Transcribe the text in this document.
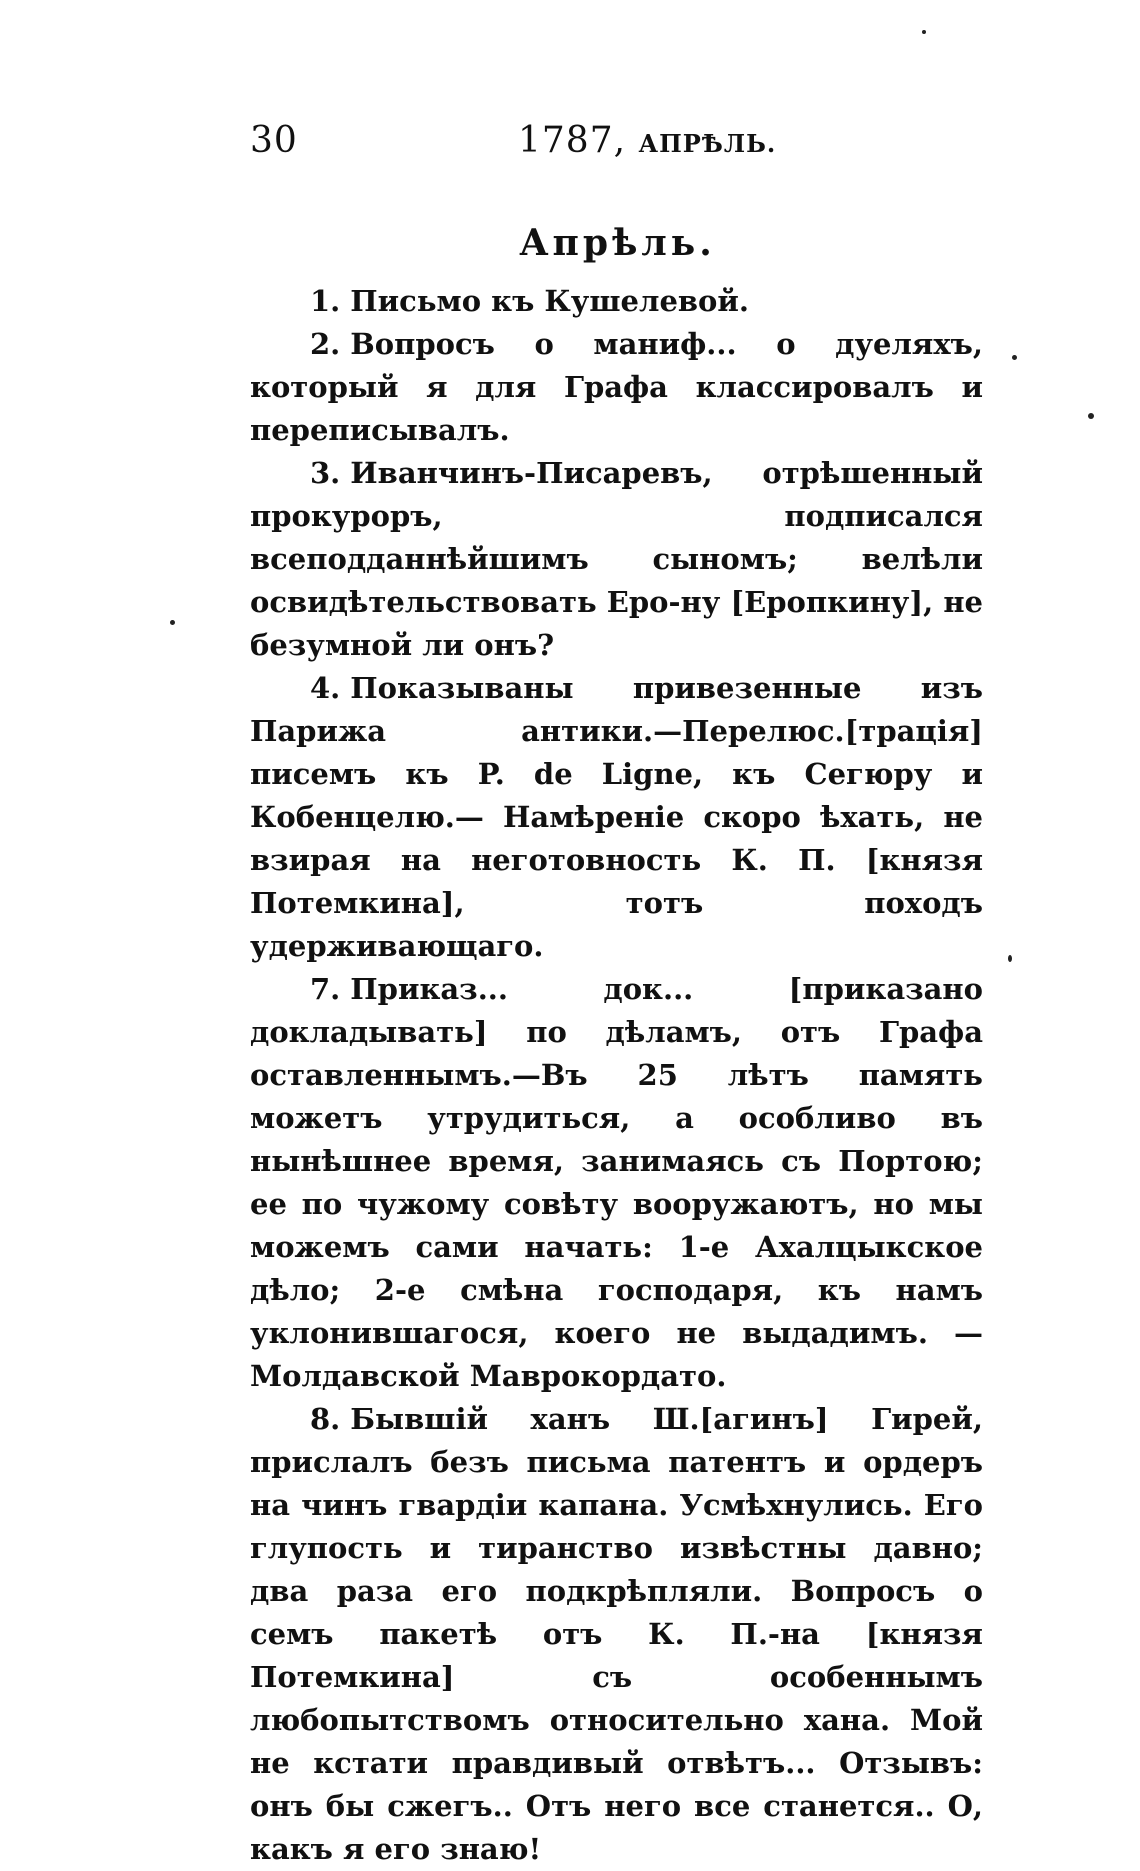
30	1787, АПРѢЛЬ.
Апрѣль.

1. Письмо къ Кушелевой.

2. Вопросъ о маниф... о дуеляхъ, который я для Графа классировалъ и переписывалъ.

3. Иванчинъ-Писаревъ, отрѣшенный прокуроръ, подписался всеподданнѣйшимъ сыномъ; велѣли освидѣтельствовать Еро-ну [Еропкину], не безумной ли онъ?

4. Показываны привезенные изъ Парижа антики.—Перелюс.[трація] писемъ къ P. de Ligne, къ Сегюру и Кобенцелю.— Намѣреніе скоро ѣхать, не взирая на неготовность К. П. [князя Потемкина], тотъ походъ удерживающаго.

7. Приказ... док... [приказано докладывать] по дѣламъ, отъ Графа оставленнымъ.—Въ 25 лѣтъ память можетъ утрудиться, а особливо въ нынѣшнее время, занимаясь съ Портою; ее по чужому совѣту вооружаютъ, но мы можемъ сами начать: 1-е Ахалцыкское дѣло; 2-е смѣна господаря, къ намъ уклонившагося, коего не выдадимъ. — Молдавской Маврокордато.

8. Бывшій ханъ Ш.[агинъ] Гирей, прислалъ безъ письма патентъ и ордеръ на чинъ гвардіи капана. Усмѣхнулись. Его глупость и тиранство извѣстны давно; два раза его подкрѣпляли. Вопросъ о семъ пакетѣ отъ К. П.-на [князя Потемкина] съ особеннымъ любопытствомъ относительно хана. Мой не кстати правдивый отвѣтъ... Отзывъ: онъ бы сжегъ.. Отъ него все станется.. О, какъ я его знаю!
